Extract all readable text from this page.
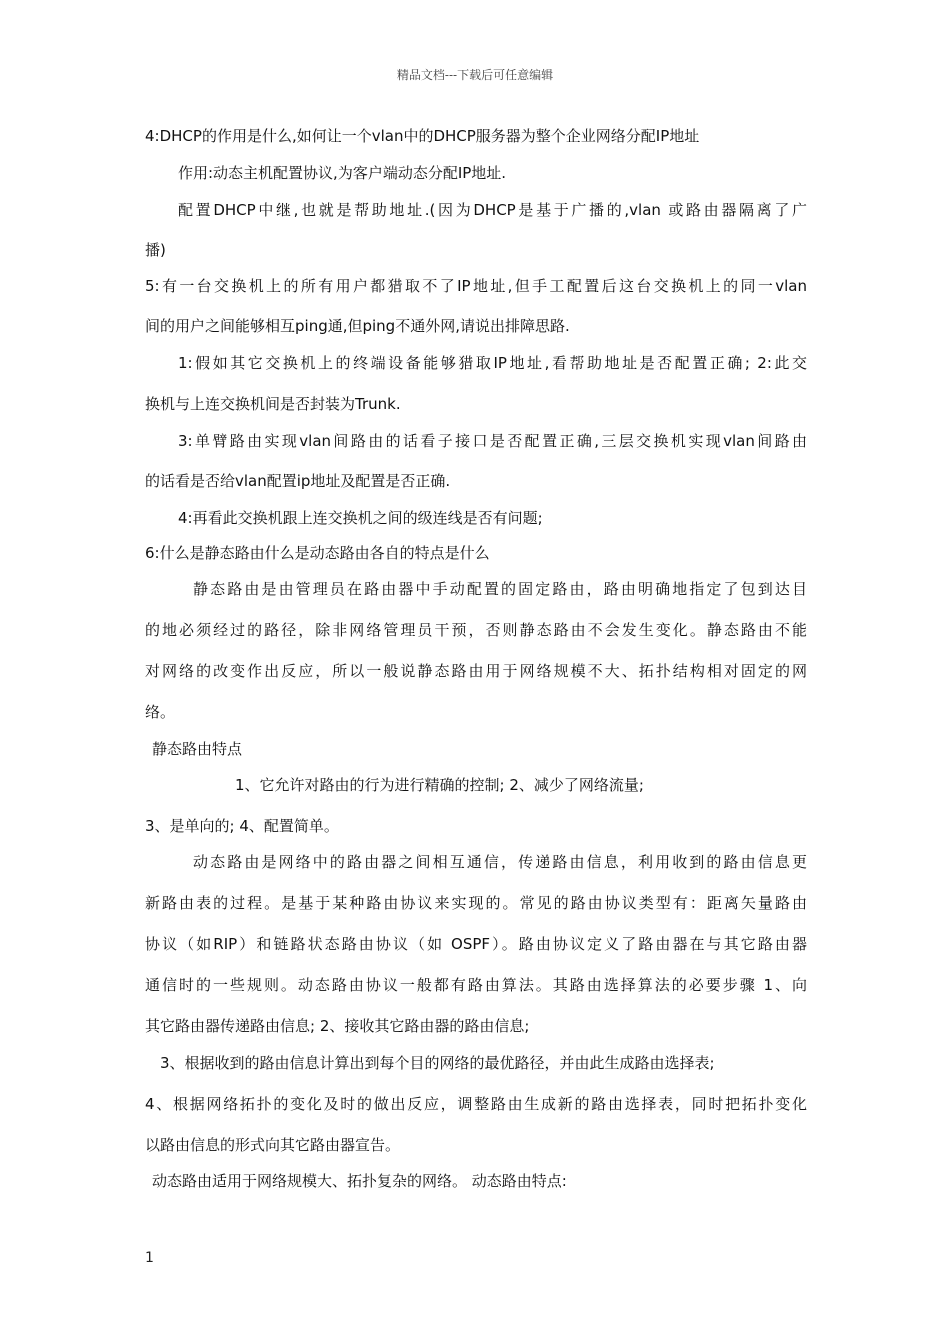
精品文档---下载后可任意编辑
4:DHCP的作用是什么,如何让一个vlan中的DHCP服务器为整个企业网络分配IP地址
作用:动态主机配置协议,为客户端动态分配IP地址.
配置DHCP中继,也就是帮助地址.(因为DHCP是基于广播的,vlan 或路由器隔离了广
播)
5:有一台交换机上的所有用户都猎取不了IP地址,但手工配置后这台交换机上的同一vlan
间的用户之间能够相互ping通,但ping不通外网,请说出排障思路.
1:假如其它交换机上的终端设备能够猎取IP地址,看帮助地址是否配置正确; 2:此交
换机与上连交换机间是否封装为Trunk.
3:单臂路由实现vlan间路由的话看子接口是否配置正确,三层交换机实现vlan间路由
的话看是否给vlan配置ip地址及配置是否正确.
4:再看此交换机跟上连交换机之间的级连线是否有问题;
6:什么是静态路由什么是动态路由各自的特点是什么
静态路由是由管理员在路由器中手动配置的固定路由，路由明确地指定了包到达目
的地必须经过的路径，除非网络管理员干预，否则静态路由不会发生变化。静态路由不能
对网络的改变作出反应，所以一般说静态路由用于网络规模不大、拓扑结构相对固定的网
络。
静态路由特点
1、它允许对路由的行为进行精确的控制; 2、减少了网络流量;
3、是单向的; 4、配置简单。
动态路由是网络中的路由器之间相互通信，传递路由信息，利用收到的路由信息更
新路由表的过程。是基于某种路由协议来实现的。常见的路由协议类型有：距离矢量路由
协议（如RIP）和链路状态路由协议（如 OSPF）。路由协议定义了路由器在与其它路由器
通信时的一些规则。动态路由协议一般都有路由算法。其路由选择算法的必要步骤 1、向
其它路由器传递路由信息; 2、接收其它路由器的路由信息;
3、根据收到的路由信息计算出到每个目的网络的最优路径，并由此生成路由选择表;
4、根据网络拓扑的变化及时的做出反应，调整路由生成新的路由选择表，同时把拓扑变化
以路由信息的形式向其它路由器宣告。
动态路由适用于网络规模大、拓扑复杂的网络。 动态路由特点:
1
